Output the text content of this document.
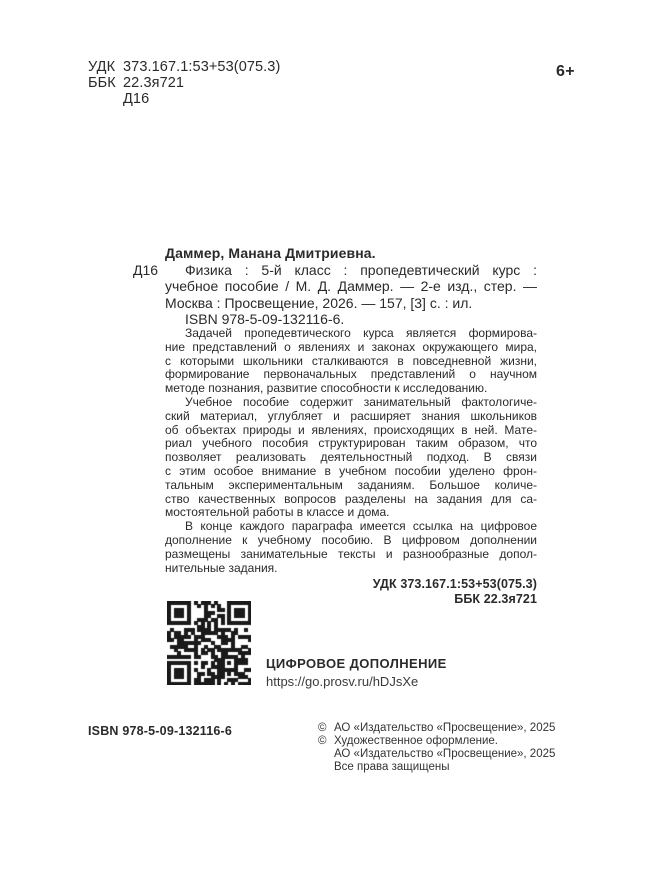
УДК 373.167.1:53+53(075.3)
ББК 22.3я721
Д16
6+
Даммер, Манана Дмитриевна.
Д16	Физика : 5-й класс : пропедевтический курс :
учебное пособие / М. Д. Даммер. — 2-е изд., стер. —
Москва : Просвещение, 2026. — 157, [3] с. : ил.
ISBN 978-5-09-132116-6.
Задачей пропедевтического курса является формирова-
ние представлений о явлениях и законах окружающего мира,
с которыми школьники сталкиваются в повседневной жизни,
формирование первоначальных представлений о научном
методе познания, развитие способности к исследованию.
Учебное пособие содержит занимательный фактологиче-
ский материал, углубляет и расширяет знания школьников
об объектах природы и явлениях, происходящих в ней. Мате-
риал учебного пособия структурирован таким образом, что
позволяет реализовать деятельностный подход. В связи
с этим особое внимание в учебном пособии уделено фрон-
тальным экспериментальным заданиям. Большое количе-
ство качественных вопросов разделены на задания для са-
мостоятельной работы в классе и дома.
В конце каждого параграфа имеется ссылка на цифровое
дополнение к учебному пособию. В цифровом дополнении
размещены занимательные тексты и разнообразные допол-
нительные задания.
УДК 373.167.1:53+53(075.3)
ББК 22.3я721
ЦИФРОВОЕ ДОПОЛНЕНИЕ
https://go.prosv.ru/hDJsXe
ISBN 978-5-09-132116-6	© АО «Издательство «Просвещение», 2025
© Художественное оформление.
АО «Издательство «Просвещение», 2025
Все права защищены
